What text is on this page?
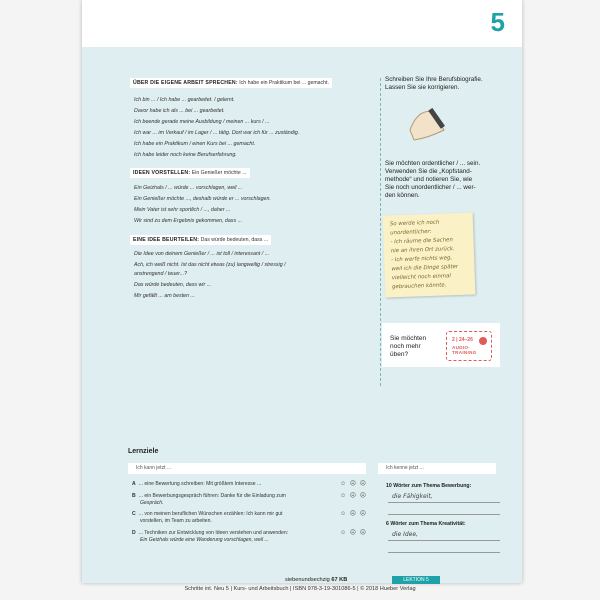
5
ÜBER DIE EIGENE ARBEIT SPRECHEN: Ich habe ein Praktikum bei ... gemacht.
Ich bin ... / Ich habe ... gearbeitet. / gelernt.
Davor habe ich als ... bei ... gearbeitet.
Ich beende gerade meine Ausbildung / meinen ... kurs / ...
Ich war ... im Verkauf / im Lager / ... tätig. Dort war ich für ... zuständig.
Ich habe ein Praktikum / einen Kurs bei ... gemacht.
Ich habe leider noch keine Berufserfahrung.
IDEEN VORSTELLEN: Ein Genießer möchte ...
Ein Geizhals / ... würde ... vorschlagen, weil ...
Ein Genießer möchte ..., deshalb würde er ... vorschlagen.
Mein Vater ist sehr sportlich / ..., daher ...
Wir sind zu dem Ergebnis gekommen, dass ...
EINE IDEE BEURTEILEN: Das würde bedeuten, dass ...
Die Idee von deinem Genießer / ... ist toll / interessant / ...
Ach, ich weiß nicht. Ist das nicht etwas (zu) langweilig / stressig /
anstrengend / teuer...?
Das würde bedeuten, dass wir ...
Mir gefällt ... am besten ...
Schreiben Sie Ihre Berufsbiografie.
Lassen Sie sie korrigieren.
Sie möchten ordentlicher / ... sein.
Verwenden Sie die „Kopfstand-
methode“ und notieren Sie, wie
Sie noch unordentlicher / ... wer-
den können.
So werde ich noch
unordentlicher:
- Ich räume die Sachen
nie an ihren Ort zurück.
- Ich werfe nichts weg,
weil ich die Dinge später
vielleicht noch einmal
gebrauchen könnte.
Sie möchten
noch mehr
üben?
2 | 24–26
AUDIO-
TRAINING
Lernziele
Ich kann jetzt ...	Ich kenne jetzt ...
A ... eine Bewertung schreiben: Mit größtem Interesse ...	☺ ☹ ☹
B ... ein Bewerbungsgespräch führen: Danke für die Einladung zum
Gespräch.
☺ ☹ ☹
C ... von meinen beruflichen Wünschen erzählen: Ich kann mir gut
vorstellen, im Team zu arbeiten.
☺ ☹ ☹
D ... Techniken zur Entwicklung von Ideen verstehen und anwenden:
Ein Geizhals würde eine Wanderung vorschlagen, weil ...
☺ ☹ ☹
10 Wörter zum Thema Bewerbung:
die Fähigkeit,
6 Wörter zum Thema Kreativität:
die Idee,
siebenundsechzig 67 KB	LEKTION 5
Schritte int. Neu 5 | Kurs- und Arbeitsbuch | ISBN 978-3-19-301086-5 | © 2018 Hueber Verlag
